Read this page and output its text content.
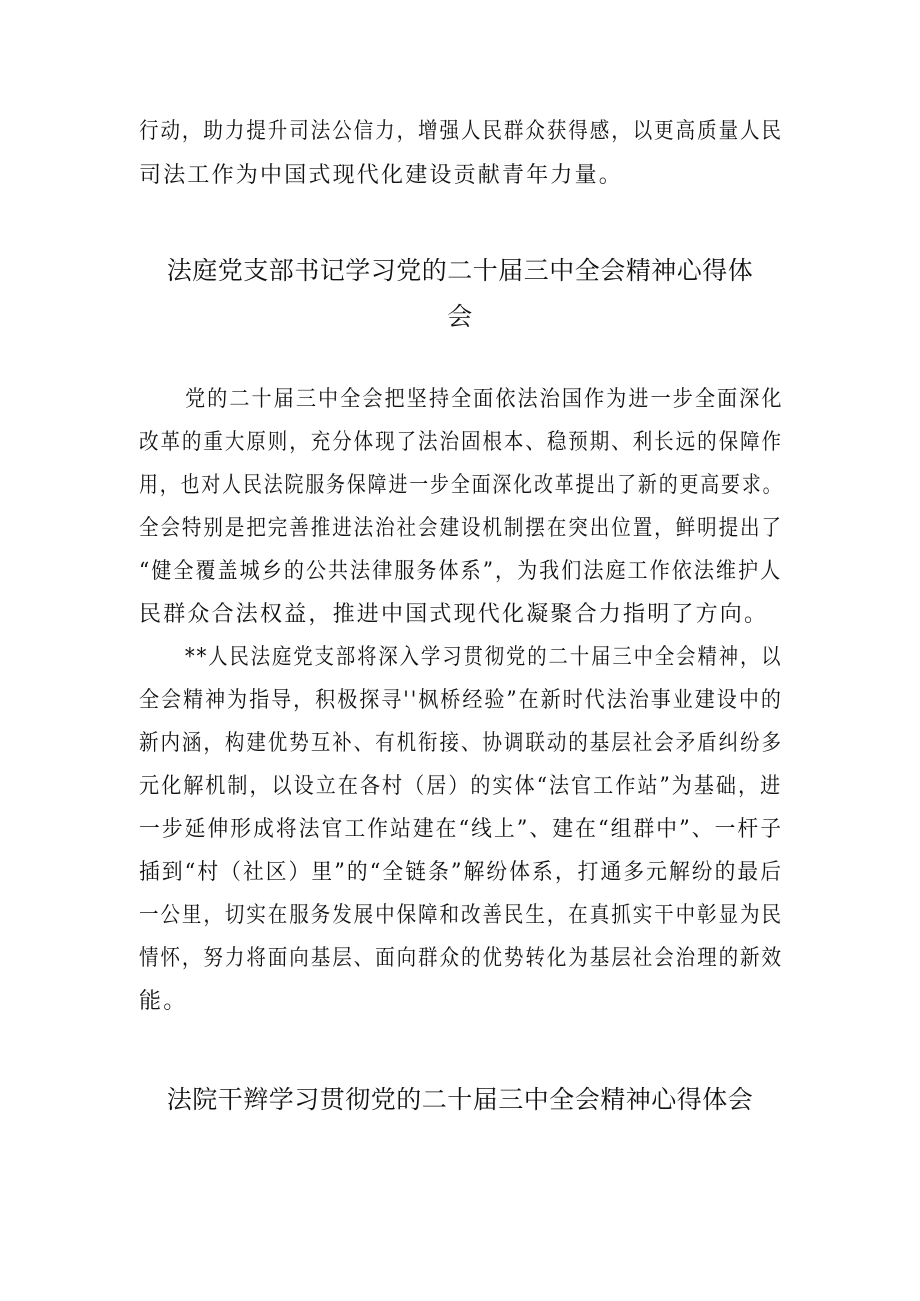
行动，助力提升司法公信力，增强人民群众获得感，以更高质量人民
司法工作为中国式现代化建设贡献青年力量。
法庭党支部书记学习党的二十届三中全会精神心得体
会
党的二十届三中全会把坚持全面依法治国作为进一步全面深化
改革的重大原则，充分体现了法治固根本、稳预期、利长远的保障作
用，也对人民法院服务保障进一步全面深化改革提出了新的更高要求。
全会特别是把完善推进法治社会建设机制摆在突出位置，鲜明提出了
“健全覆盖城乡的公共法律服务体系”，为我们法庭工作依法维护人
民群众合法权益，推进中国式现代化凝聚合力指明了方向。
**人民法庭党支部将深入学习贯彻党的二十届三中全会精神，以
全会精神为指导，积极探寻''枫桥经验”在新时代法治事业建设中的
新内涵，构建优势互补、有机衔接、协调联动的基层社会矛盾纠纷多
元化解机制，以设立在各村（居）的实体“法官工作站”为基础，进
一步延伸形成将法官工作站建在“线上”、建在“组群中”、一杆子
插到“村（社区）里”的“全链条”解纷体系，打通多元解纷的最后
一公里，切实在服务发展中保障和改善民生，在真抓实干中彰显为民
情怀，努力将面向基层、面向群众的优势转化为基层社会治理的新效
能。
法院干辫学习贯彻党的二十届三中全会精神心得体会
